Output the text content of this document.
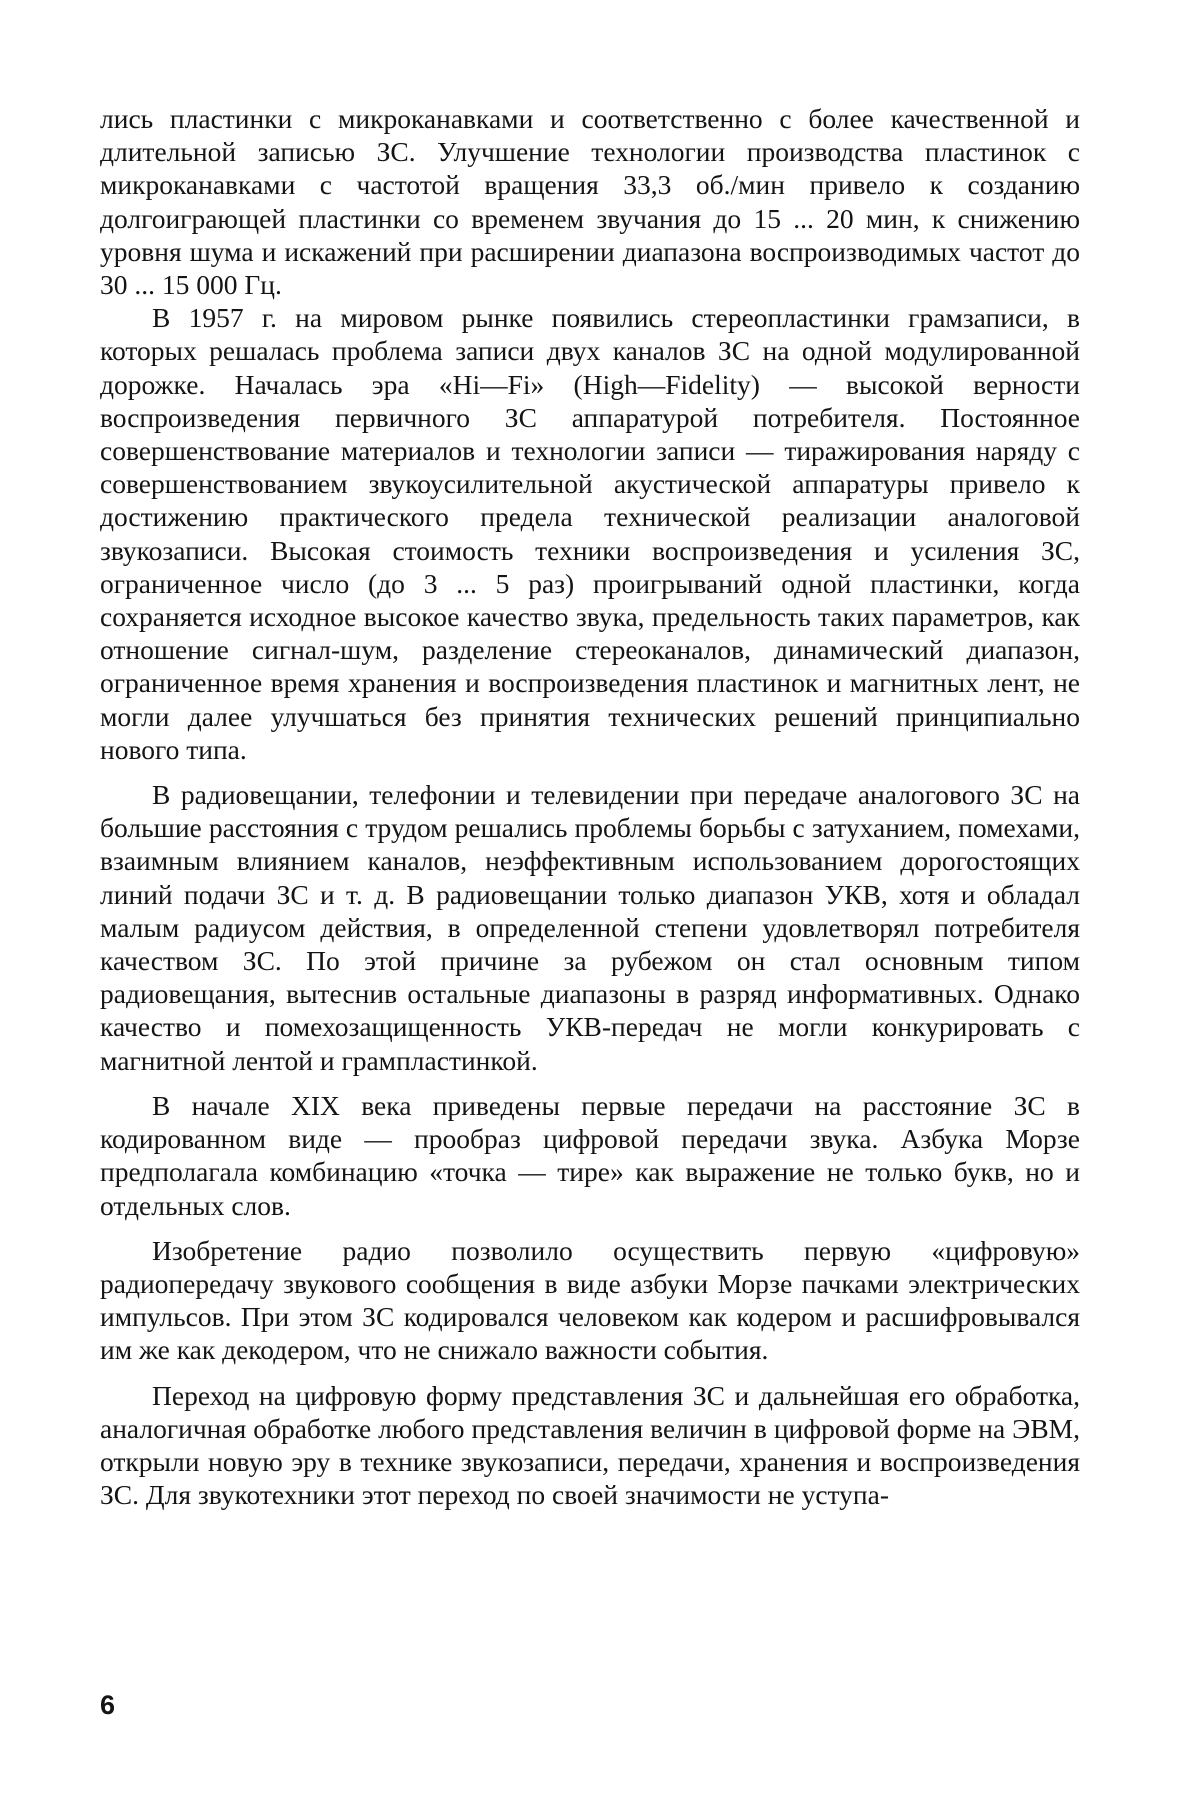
лись пластинки с микроканавками и соответственно с более качественной и длительной записью ЗС. Улучшение технологии производства пластинок с микроканавками с частотой вращения 33,3 об./мин привело к созданию долгоиграющей пластинки со временем звучания до 15 ... 20 мин, к снижению уровня шума и искажений при расширении диапазона воспроизводимых частот до 30 ... 15 000 Гц.

В 1957 г. на мировом рынке появились стереопластинки грамзаписи, в которых решалась проблема записи двух каналов ЗС на одной модулированной дорожке. Началась эра «Hi—Fi» (High—Fidelity) — высокой верности воспроизведения первичного ЗС аппаратурой потребителя. Постоянное совершенствование материалов и технологии записи — тиражирования наряду с совершенствованием звукоусилительной акустической аппаратуры привело к достижению практического предела технической реализации аналоговой звукозаписи. Высокая стоимость техники воспроизведения и усиления ЗС, ограниченное число (до 3 ... 5 раз) проигрываний одной пластинки, когда сохраняется исходное высокое качество звука, предельность таких параметров, как отношение сигнал-шум, разделение стереоканалов, динамический диапазон, ограниченное время хранения и воспроизведения пластинок и магнитных лент, не могли далее улучшаться без принятия технических решений принципиально нового типа.

В радиовещании, телефонии и телевидении при передаче аналогового ЗС на большие расстояния с трудом решались проблемы борьбы с затуханием, помехами, взаимным влиянием каналов, неэффективным использованием дорогостоящих линий подачи ЗС и т. д. В радиовещании только диапазон УКВ, хотя и обладал малым радиусом действия, в определенной степени удовлетворял потребителя качеством ЗС. По этой причине за рубежом он стал основным типом радиовещания, вытеснив остальные диапазоны в разряд информативных. Однако качество и помехозащищенность УКВ-передач не могли конкурировать с магнитной лентой и грампластинкой.

В начале XIX века приведены первые передачи на расстояние ЗС в кодированном виде — прообраз цифровой передачи звука. Азбука Морзе предполагала комбинацию «точка — тире» как выражение не только букв, но и отдельных слов.

Изобретение радио позволило осуществить первую «цифровую» радиопередачу звукового сообщения в виде азбуки Морзе пачками электрических импульсов. При этом ЗС кодировался человеком как кодером и расшифровывался им же как декодером, что не снижало важности события.

Переход на цифровую форму представления ЗС и дальнейшая его обработка, аналогичная обработке любого представления величин в цифровой форме на ЭВМ, открыли новую эру в технике звукозаписи, передачи, хранения и воспроизведения ЗС. Для звукотехники этот переход по своей значимости не уступа-

6
